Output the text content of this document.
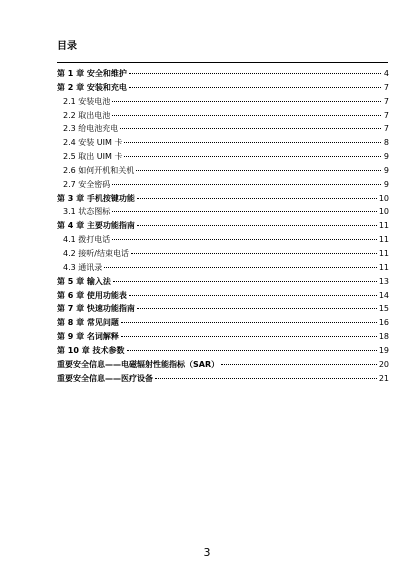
目录
第 1 章 安全和维护	4
第 2 章 安装和充电	7
2.1 安装电池	7
2.2 取出电池	7
2.3 给电池充电	7
2.4 安装 UIM 卡	8
2.5 取出 UIM 卡	9
2.6 如何开机和关机	9
2.7 安全密码	9
第 3 章 手机按键功能	10
3.1 状态图标	10
第 4 章 主要功能指南	11
4.1 拨打电话	11
4.2 接听/结束电话	11
4.3 通讯录	11
第 5 章 输入法	13
第 6 章 使用功能表	14
第 7 章 快速功能指南	15
第 8 章 常见问题	16
第 9 章 名词解释	18
第 10 章 技术参数	19
重要安全信息——电磁辐射性能指标（SAR）	20
重要安全信息——医疗设备	21
3
